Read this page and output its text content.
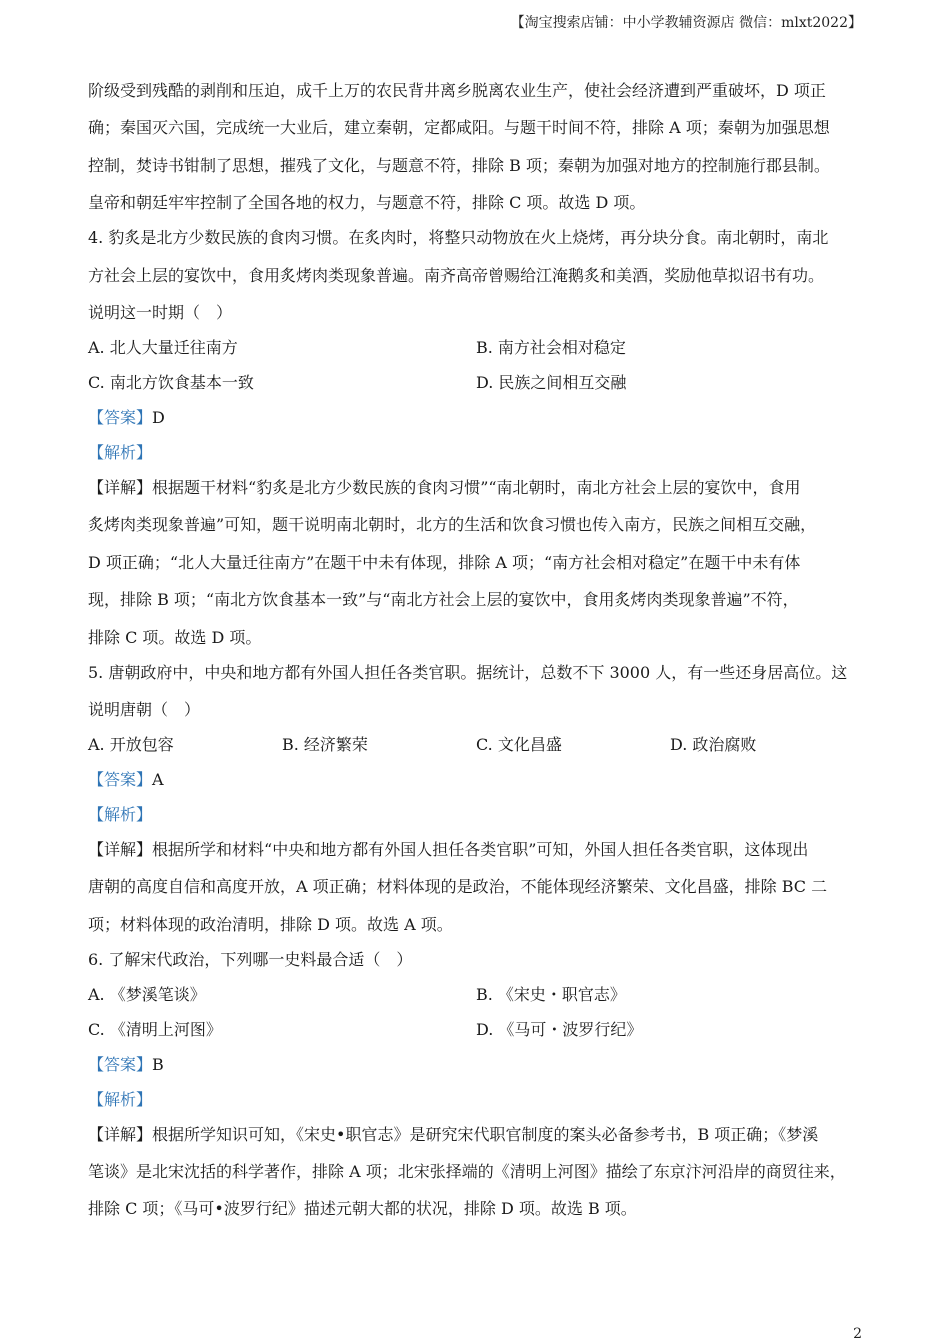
【淘宝搜索店铺：中小学教辅资源店 微信：mlxt2022】
阶级受到残酷的剥削和压迫，成千上万的农民背井离乡脱离农业生产，使社会经济遭到严重破坏，D 项正
确；秦国灭六国，完成统一大业后，建立秦朝，定都咸阳。与题干时间不符，排除 A 项；秦朝为加强思想
控制，焚诗书钳制了思想，摧残了文化，与题意不符，排除 B 项；秦朝为加强对地方的控制施行郡县制。
皇帝和朝廷牢牢控制了全国各地的权力，与题意不符，排除 C 项。故选 D 项。
4. 豹炙是北方少数民族的食肉习惯。在炙肉时，将整只动物放在火上烧烤，再分块分食。南北朝时，南北
方社会上层的宴饮中，食用炙烤肉类现象普遍。南齐高帝曾赐给江淹鹅炙和美酒，奖励他草拟诏书有功。
说明这一时期（　）
A. 北人大量迁往南方	B. 南方社会相对稳定
C. 南北方饮食基本一致	D. 民族之间相互交融
【答案】D
【解析】
【详解】根据题干材料“豹炙是北方少数民族的食肉习惯”“南北朝时，南北方社会上层的宴饮中，食用
炙烤肉类现象普遍”可知，题干说明南北朝时，北方的生活和饮食习惯也传入南方，民族之间相互交融，
D 项正确；“北人大量迁往南方”在题干中未有体现，排除 A 项；“南方社会相对稳定”在题干中未有体
现，排除 B 项；“南北方饮食基本一致”与“南北方社会上层的宴饮中，食用炙烤肉类现象普遍”不符，
排除 C 项。故选 D 项。
5. 唐朝政府中，中央和地方都有外国人担任各类官职。据统计，总数不下 3000 人，有一些还身居高位。这
说明唐朝（　）
A. 开放包容	B. 经济繁荣	C. 文化昌盛	D. 政治腐败
【答案】A
【解析】
【详解】根据所学和材料“中央和地方都有外国人担任各类官职”可知，外国人担任各类官职，这体现出
唐朝的高度自信和高度开放，A 项正确；材料体现的是政治，不能体现经济繁荣、文化昌盛，排除 BC 二
项；材料体现的政治清明，排除 D 项。故选 A 项。
6. 了解宋代政治，下列哪一史料最合适（　）
A. 《梦溪笔谈》	B. 《宋史・职官志》
C. 《清明上河图》	D. 《马可・波罗行纪》
【答案】B
【解析】
【详解】根据所学知识可知，《宋史•职官志》是研究宋代职官制度的案头必备参考书，B 项正确；《梦溪
笔谈》是北宋沈括的科学著作，排除 A 项；北宋张择端的《清明上河图》描绘了东京汴河沿岸的商贸往来，
排除 C 项；《马可•波罗行纪》描述元朝大都的状况，排除 D 项。故选 B 项。
2
